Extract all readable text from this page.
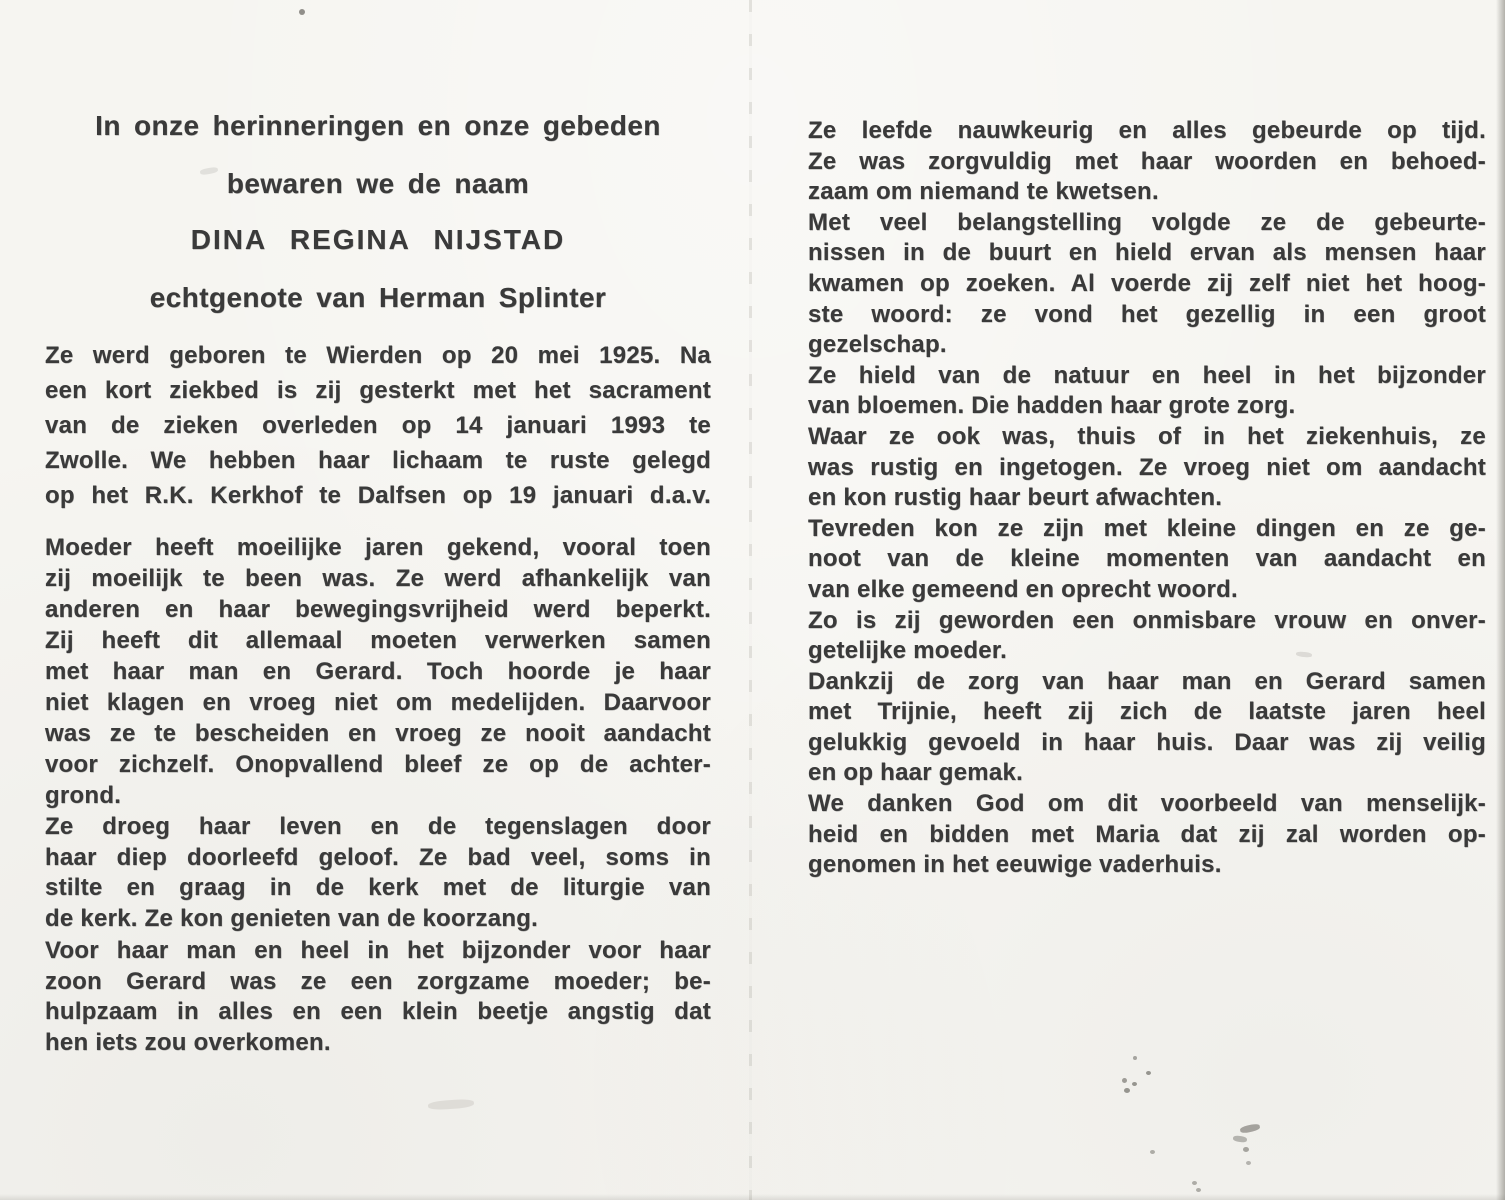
In onze herinneringen en onze gebeden
bewaren we de naam
DINA REGINA NIJSTAD
echtgenote van Herman Splinter
Ze werd geboren te Wierden op 20 mei 1925. Na
een kort ziekbed is zij gesterkt met het sacrament
van de zieken overleden op 14 januari 1993 te
Zwolle. We hebben haar lichaam te ruste gelegd
op het R.K. Kerkhof te Dalfsen op 19 januari d.a.v.
Moeder heeft moeilijke jaren gekend, vooral toen
zij moeilijk te been was. Ze werd afhankelijk van
anderen en haar bewegingsvrijheid werd beperkt.
Zij heeft dit allemaal moeten verwerken samen
met haar man en Gerard. Toch hoorde je haar
niet klagen en vroeg niet om medelijden. Daarvoor
was ze te bescheiden en vroeg ze nooit aandacht
voor zichzelf. Onopvallend bleef ze op de achter-
grond.
Ze droeg haar leven en de tegenslagen door
haar diep doorleefd geloof. Ze bad veel, soms in
stilte en graag in de kerk met de liturgie van
de kerk. Ze kon genieten van de koorzang.
Voor haar man en heel in het bijzonder voor haar
zoon Gerard was ze een zorgzame moeder; be-
hulpzaam in alles en een klein beetje angstig dat
hen iets zou overkomen.
Ze leefde nauwkeurig en alles gebeurde op tijd.
Ze was zorgvuldig met haar woorden en behoed-
zaam om niemand te kwetsen.
Met veel belangstelling volgde ze de gebeurte-
nissen in de buurt en hield ervan als mensen haar
kwamen op zoeken. Al voerde zij zelf niet het hoog-
ste woord: ze vond het gezellig in een groot
gezelschap.
Ze hield van de natuur en heel in het bijzonder
van bloemen. Die hadden haar grote zorg.
Waar ze ook was, thuis of in het ziekenhuis, ze
was rustig en ingetogen. Ze vroeg niet om aandacht
en kon rustig haar beurt afwachten.
Tevreden kon ze zijn met kleine dingen en ze ge-
noot van de kleine momenten van aandacht en
van elke gemeend en oprecht woord.
Zo is zij geworden een onmisbare vrouw en onver-
getelijke moeder.
Dankzij de zorg van haar man en Gerard samen
met Trijnie, heeft zij zich de laatste jaren heel
gelukkig gevoeld in haar huis. Daar was zij veilig
en op haar gemak.
We danken God om dit voorbeeld van menselijk-
heid en bidden met Maria dat zij zal worden op-
genomen in het eeuwige vaderhuis.
